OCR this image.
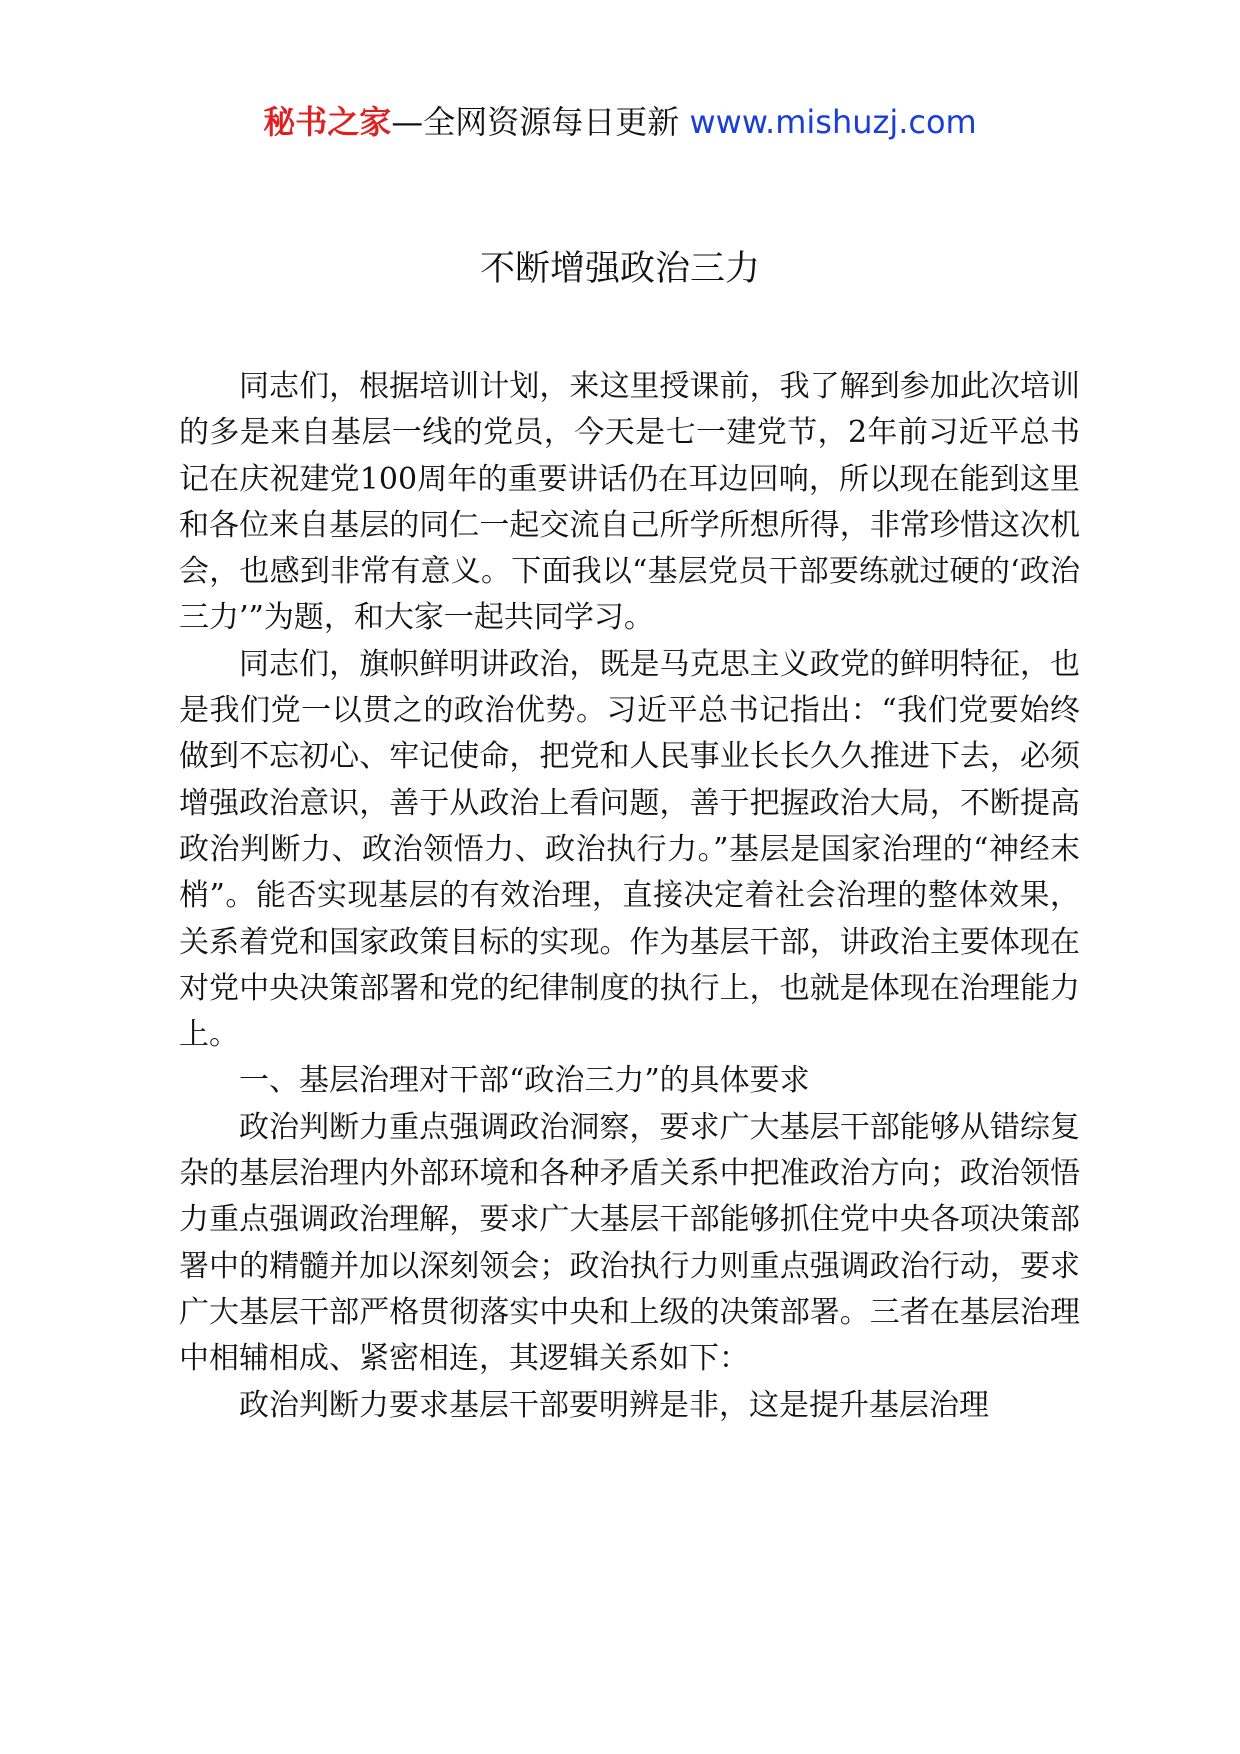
秘书之家—全网资源每日更新 www.mishuzj.com
不断增强政治三力

同志们，根据培训计划，来这里授课前，我了解到参加此次培训的多是来自基层一线的党员，今天是七一建党节，2年前习近平总书记在庆祝建党100周年的重要讲话仍在耳边回响，所以现在能到这里和各位来自基层的同仁一起交流自己所学所想所得，非常珍惜这次机会，也感到非常有意义。下面我以“基层党员干部要练就过硬的‘政治三力’”为题，和大家一起共同学习。

同志们，旗帜鲜明讲政治，既是马克思主义政党的鲜明特征，也是我们党一以贯之的政治优势。习近平总书记指出：“我们党要始终做到不忘初心、牢记使命，把党和人民事业长长久久推进下去，必须增强政治意识，善于从政治上看问题，善于把握政治大局，不断提高政治判断力、政治领悟力、政治执行力。”基层是国家治理的“神经末梢”。能否实现基层的有效治理，直接决定着社会治理的整体效果，关系着党和国家政策目标的实现。作为基层干部，讲政治主要体现在对党中央决策部署和党的纪律制度的执行上，也就是体现在治理能力上。

一、基层治理对干部“政治三力”的具体要求

政治判断力重点强调政治洞察，要求广大基层干部能够从错综复杂的基层治理内外部环境和各种矛盾关系中把准政治方向；政治领悟力重点强调政治理解，要求广大基层干部能够抓住党中央各项决策部署中的精髓并加以深刻领会；政治执行力则重点强调政治行动，要求广大基层干部严格贯彻落实中央和上级的决策部署。三者在基层治理中相辅相成、紧密相连，其逻辑关系如下：

政治判断力要求基层干部要明辨是非，这是提升基层治理
